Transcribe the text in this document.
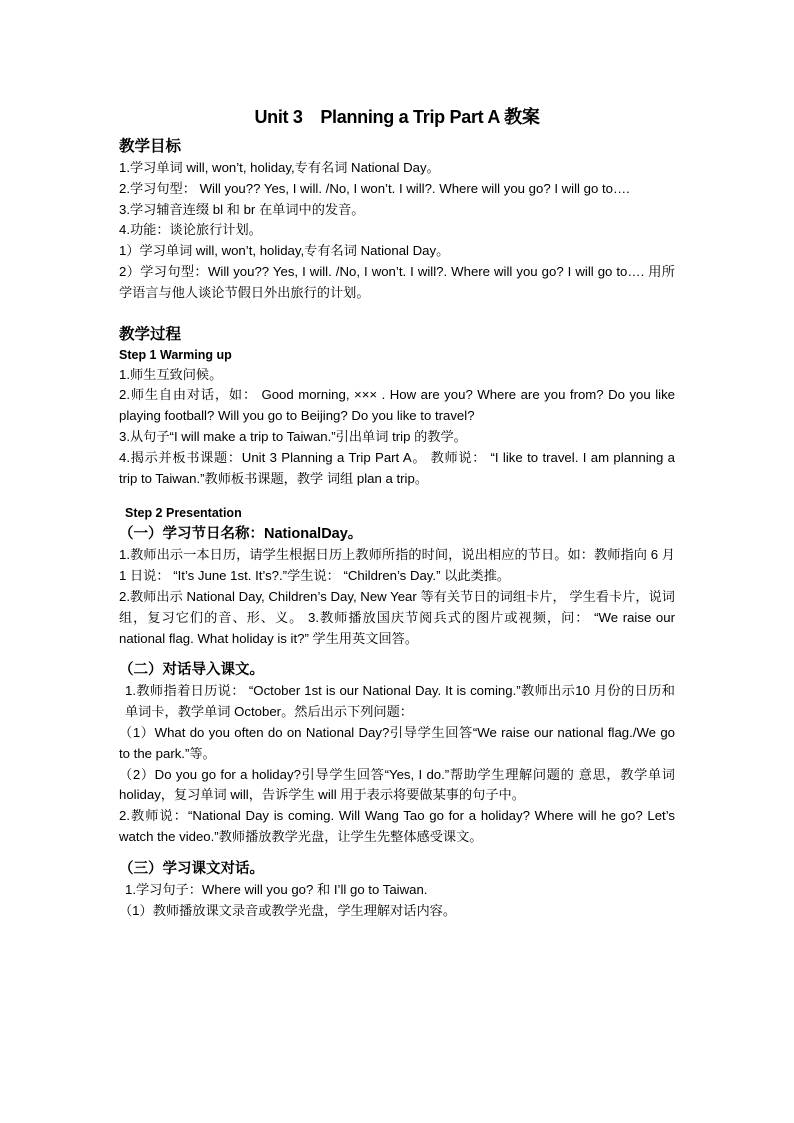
Unit 3　Planning a Trip Part A 教案

教学目标

1.学习单词 will, won’t, holiday,专有名词 National Day。

2.学习句型： Will you?? Yes, I will. /No, I won’t. I will?. Where will you go? I will go to….

3.学习辅音连缀 bl 和 br 在单词中的发音。

4.功能：谈论旅行计划。

1）学习单词 will, won’t, holiday,专有名词 National Day。

2）学习句型：Will you?? Yes, I will. /No, I won’t. I will?. Where will you go? I will go to…. 用所学语言与他人谈论节假日外出旅行的计划。

教学过程

Step 1 Warming up

1.师生互致问候。

2.师生自由对话，如： Good morning, ××× . How are you? Where are you from? Do you like playing football? Will you go to Beijing? Do you like to travel?

3.从句子“I will make a trip to Taiwan.”引出单词 trip 的教学。

4.揭示并板书课题：Unit 3 Planning a Trip Part A。 教师说： “I like to travel. I am planning a trip to Taiwan.”教师板书课题，教学 词组 plan a trip。

Step 2 Presentation

（一）学习节日名称：NationalDay。

1.教师出示一本日历，请学生根据日历上教师所指的时间，说出相应的节日。如：教师指向 6 月 1 日说： “It’s June 1st. It’s?.”学生说： “Children’s Day.” 以此类推。

2.教师出示 National Day, Children’s Day, New Year 等有关节日的词组卡片， 学生看卡片，说词组，复习它们的音、形、义。 3.教师播放国庆节阅兵式的图片或视频，问： “We raise our national flag. What holiday is it?” 学生用英文回答。

（二）对话导入课文。

1.教师指着日历说： “October 1st is our National Day. It is coming.”教师出示10 月份的日历和单词卡，教学单词 October。然后出示下列问题：

（1）What do you often do on National Day?引导学生回答“We raise our national flag./We go to the park.”等。

（2）Do you go for a holiday?引导学生回答“Yes, I do.”帮助学生理解问题的 意思，教学单词 holiday，复习单词 will，告诉学生 will 用于表示将要做某事的句子中。

2.教师说：“National Day is coming. Will Wang Tao go for a holiday? Where will he go? Let’s watch the video.”教师播放教学光盘，让学生先整体感受课文。

（三）学习课文对话。

1.学习句子：Where will you go? 和 I’ll go to Taiwan.

（1）教师播放课文录音或教学光盘，学生理解对话内容。
